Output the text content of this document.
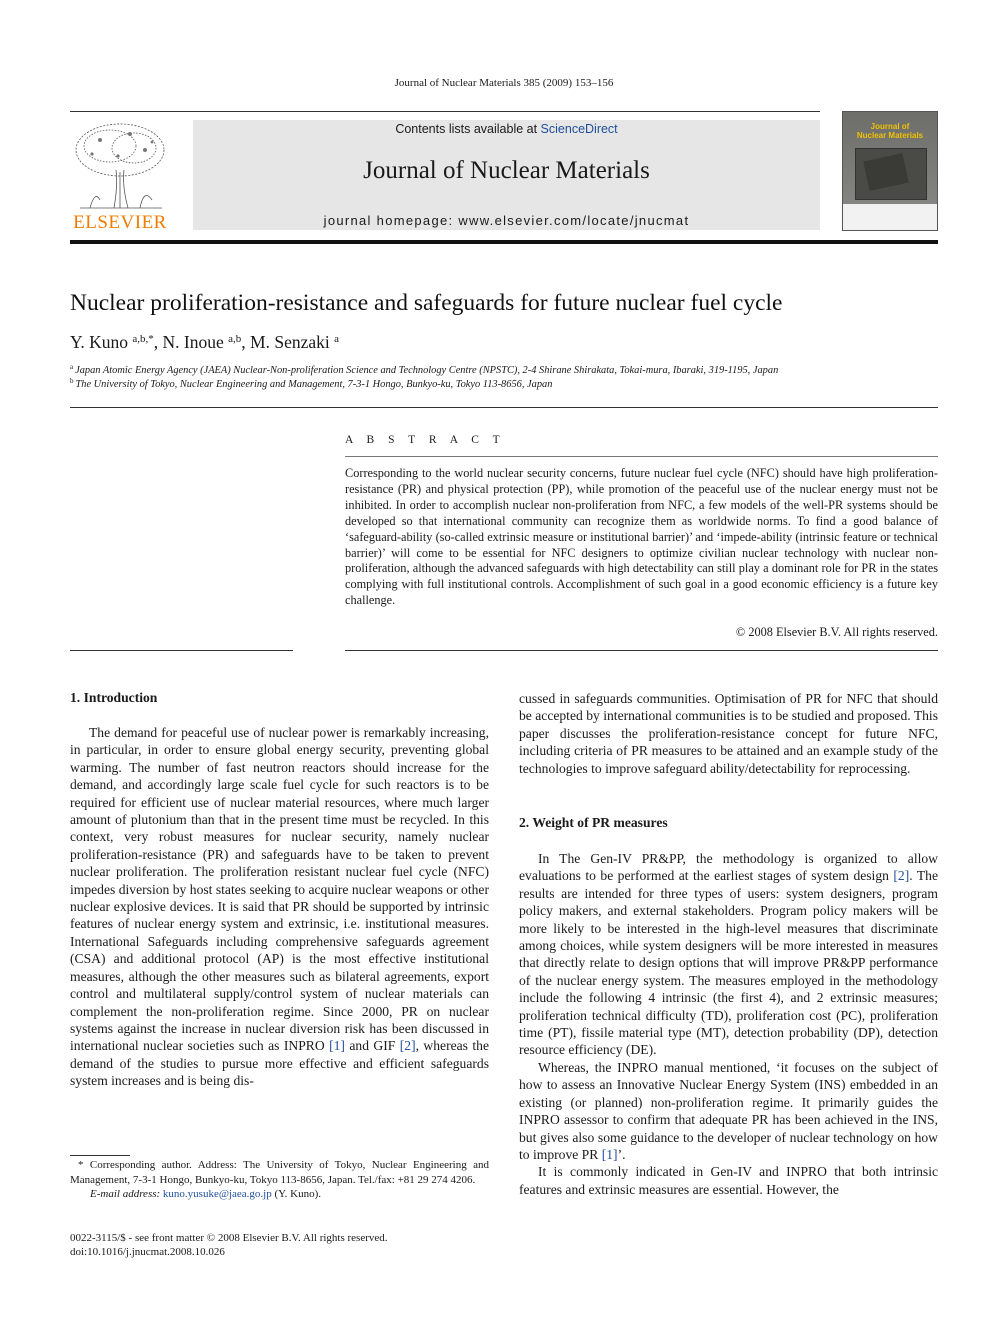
Journal of Nuclear Materials 385 (2009) 153–156
ELSEVIER
Contents lists available at ScienceDirect
Journal of Nuclear Materials
journal homepage: www.elsevier.com/locate/jnucmat
Journal of
Nuclear Materials
Nuclear proliferation-resistance and safeguards for future nuclear fuel cycle
Y. Kuno $^{a,b,*}$, N. Inoue $^{a,b}$, M. Senzaki $^a$
$^a$ Japan Atomic Energy Agency (JAEA) Nuclear-Non-proliferation Science and Technology Centre (NPSTC), 2-4 Shirane Shirakata, Tokai-mura, Ibaraki, 319-1195, Japan
$^b$ The University of Tokyo, Nuclear Engineering and Management, 7-3-1 Hongo, Bunkyo-ku, Tokyo 113-8656, Japan
A B S T R A C T
Corresponding to the world nuclear security concerns, future nuclear fuel cycle (NFC) should have high proliferation-resistance (PR) and physical protection (PP), while promotion of the peaceful use of the nuclear energy must not be inhibited. In order to accomplish nuclear non-proliferation from NFC, a few models of the well-PR systems should be developed so that international community can recognize them as worldwide norms. To find a good balance of ‘safeguard-ability (so-called extrinsic measure or institutional barrier)’ and ‘impede-ability (intrinsic feature or technical barrier)’ will come to be essential for NFC designers to optimize civilian nuclear technology with nuclear non-proliferation, although the advanced safeguards with high detectability can still play a dominant role for PR in the states complying with full institutional controls. Accomplishment of such goal in a good economic efficiency is a future key challenge.
© 2008 Elsevier B.V. All rights reserved.
1. Introduction

The demand for peaceful use of nuclear power is remarkably increasing, in particular, in order to ensure global energy security, preventing global warming. The number of fast neutron reactors should increase for the demand, and accordingly large scale fuel cycle for such reactors is to be required for efficient use of nuclear material resources, where much larger amount of plutonium than that in the present time must be recycled. In this context, very robust measures for nuclear security, namely nuclear proliferation-resistance (PR) and safeguards have to be taken to prevent nuclear proliferation. The proliferation resistant nuclear fuel cycle (NFC) impedes diversion by host states seeking to acquire nuclear weapons or other nuclear explosive devices. It is said that PR should be supported by intrinsic features of nuclear energy system and extrinsic, i.e. institutional measures. International Safeguards including comprehensive safeguards agreement (CSA) and additional protocol (AP) is the most effective institutional measures, although the other measures such as bilateral agreements, export control and multilateral supply/control system of nuclear materials can complement the non-proliferation regime. Since 2000, PR on nuclear systems against the increase in nuclear diversion risk has been discussed in international nuclear societies such as INPRO [1] and GIF [2], whereas the demand of the studies to pursue more effective and efficient safeguards system increases and is being dis-

* Corresponding author. Address: The University of Tokyo, Nuclear Engineering and Management, 7-3-1 Hongo, Bunkyo-ku, Tokyo 113-8656, Japan. Tel./fax: +81 29 274 4206.
E-mail address: kuno.yusuke@jaea.go.jp (Y. Kuno).
0022-3115/$ - see front matter © 2008 Elsevier B.V. All rights reserved.
doi:10.1016/j.jnucmat.2008.10.026

cussed in safeguards communities. Optimisation of PR for NFC that should be accepted by international communities is to be studied and proposed. This paper discusses the proliferation-resistance concept for future NFC, including criteria of PR measures to be attained and an example study of the technologies to improve safeguard ability/detectability for reprocessing.

2. Weight of PR measures

In The Gen-IV PR&PP, the methodology is organized to allow evaluations to be performed at the earliest stages of system design [2]. The results are intended for three types of users: system designers, program policy makers, and external stakeholders. Program policy makers will be more likely to be interested in the high-level measures that discriminate among choices, while system designers will be more interested in measures that directly relate to design options that will improve PR&PP performance of the nuclear energy system. The measures employed in the methodology include the following 4 intrinsic (the first 4), and 2 extrinsic measures; proliferation technical difficulty (TD), proliferation cost (PC), proliferation time (PT), fissile material type (MT), detection probability (DP), detection resource efficiency (DE).

Whereas, the INPRO manual mentioned, ‘it focuses on the subject of how to assess an Innovative Nuclear Energy System (INS) embedded in an existing (or planned) non-proliferation regime. It primarily guides the INPRO assessor to confirm that adequate PR has been achieved in the INS, but gives also some guidance to the developer of nuclear technology on how to improve PR [1]’.

It is commonly indicated in Gen-IV and INPRO that both intrinsic features and extrinsic measures are essential. However, the
